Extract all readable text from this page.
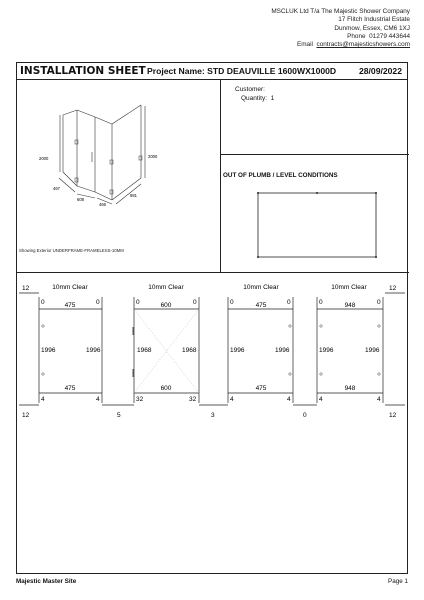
MSCLUK Ltd T/a The Majestic Shower Company
17 Flitch Industrial Estate
Dunmow, Essex, CM6 1XJ
Phone 01279 443644
Email contracts@majesticshowers.com
INSTALLATION SHEET Project Name: STD DEAUVILLE 1600WX1000D	28/09/2022
2000	2000
467
608
466
981
Showing Exterior UNDERFRAME-FRAMELESS-10MM
Customer:
Quantity: 1
OUT OF PLUMB / LEVEL CONDITIONS
12	12
12	12
5	3	0
10mm Clear
0	0
475
1996	1996
475
4	4
10mm Clear
0	0
600
1968	1968
600
32	32
10mm Clear
0	0
475
1996	1996
475
4	4
10mm Clear
0	0
948
1996	1996
948
4	4
Majestic Master Site	Page 1
